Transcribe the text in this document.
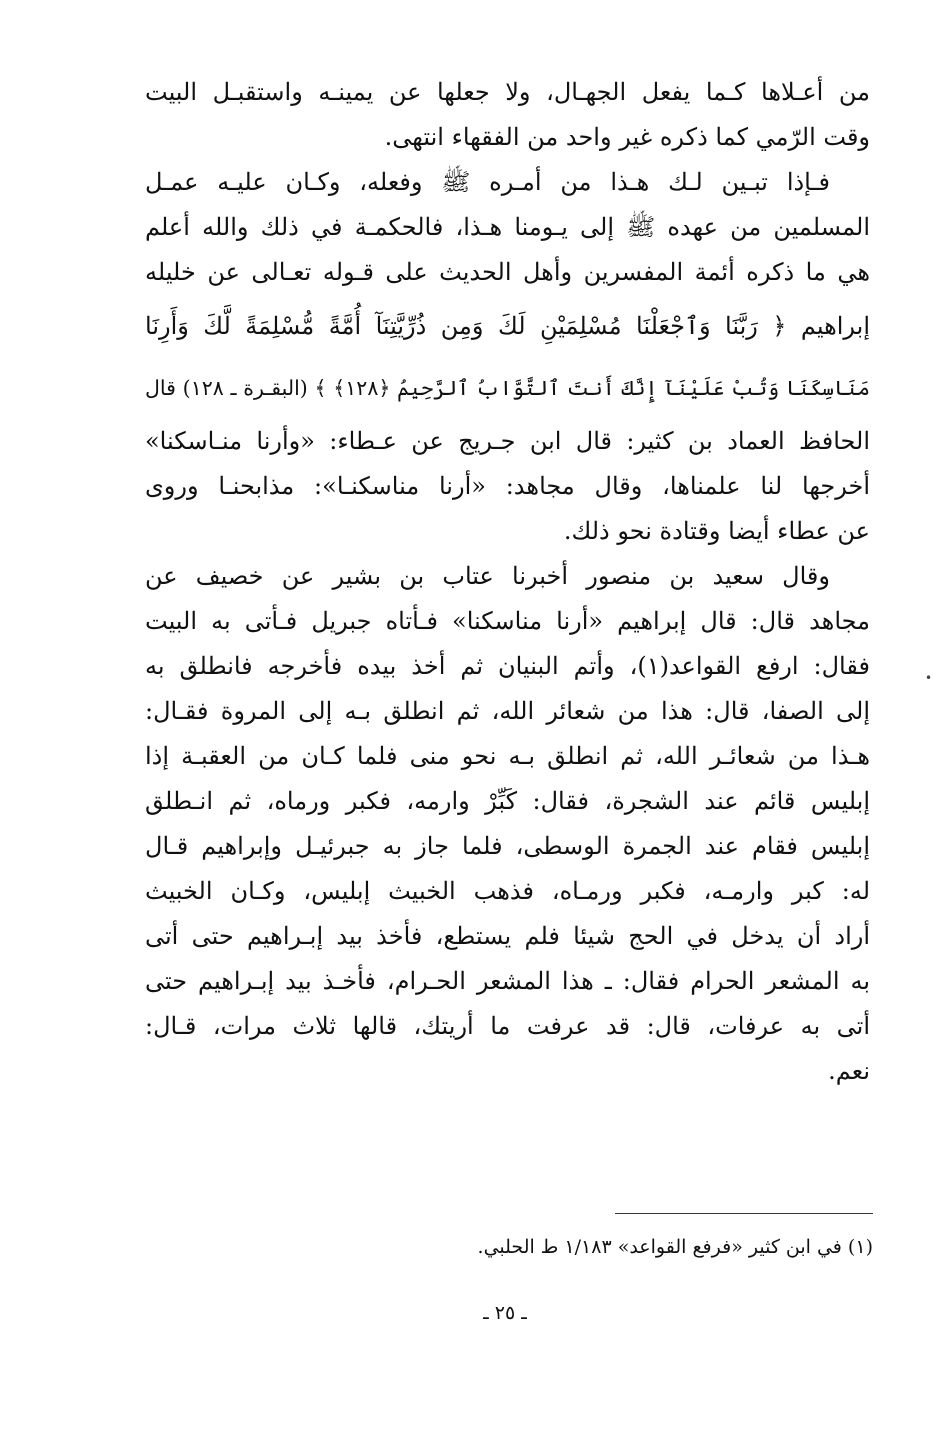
من أعـلاها كـما يفعل الجهـال، ولا جعلها عن يمينـه واستقبـل البيت
وقت الرّمي كما ذكره غير واحد من الفقهاء انتهى.
فـإذا تبـين لـك هـذا من أمـره ﷺ وفعله، وكـان عليـه عمـل
المسلمين من عهده ﷺ إلى يـومنا هـذا، فالحكمـة في ذلك والله أعلم
هي ما ذكره أئمة المفسرين وأهل الحديث على قـوله تعـالى عن خليله
إبراهيم ﴿ رَبَّنَا وَٱجْعَلْنَا مُسْلِمَيْنِ لَكَ وَمِن ذُرِّيَّتِنَآ أُمَّةً مُّسْلِمَةً لَّكَ وَأَرِنَا
مَنَاسِكَنَا وَتُبْ عَلَيْنَآ إِنَّكَ أَنتَ ٱلتَّوَّابُ ٱلرَّحِيمُ ﴿١٢٨﴾ ﴾ (البقـرة ـ ١٢٨) قال
الحافظ العماد بن كثير: قال ابن جـريج عن عـطاء: «وأرنا منـاسكنا»
أخرجها لنا علمناها، وقال مجاهد: «أرنا مناسكنـا»: مذابحنـا وروى
عن عطاء أيضا وقتادة نحو ذلك.
وقال سعيد بن منصور أخبرنا عتاب بن بشير عن خصيف عن
مجاهد قال: قال إبراهيم «أرنا مناسكنا» فـأتاه جبريل فـأتى به البيت
فقال: ارفع القواعد(١)، وأتم البنيان ثم أخذ بيده فأخرجه فانطلق به
إلى الصفا، قال: هذا من شعائر الله، ثم انطلق بـه إلى المروة فقـال:
هـذا من شعائـر الله، ثم انطلق بـه نحو منى فلما كـان من العقبـة إذا
إبليس قائم عند الشجرة، فقال: كَبِّرْ وارمه، فكبر ورماه، ثم انـطلق
إبليس فقام عند الجمرة الوسطى، فلما جاز به جبرئيـل وإبراهيم قـال
له: كبر وارمـه، فكبر ورمـاه، فذهب الخبيث إبليس، وكـان الخبيث
أراد أن يدخل في الحج شيئا فلم يستطع، فأخذ بيد إبـراهيم حتى أتى
به المشعر الحرام فقال: ـ هذا المشعر الحـرام، فأخـذ بيد إبـراهيم حتى
أتى به عرفات، قال: قد عرفت ما أريتك، قالها ثلاث مرات، قـال:
نعم.
•
(١) في ابن كثير «فرفع القواعد» ١/١٨٣ ط الحلبي.
ـ ٢٥ ـ
